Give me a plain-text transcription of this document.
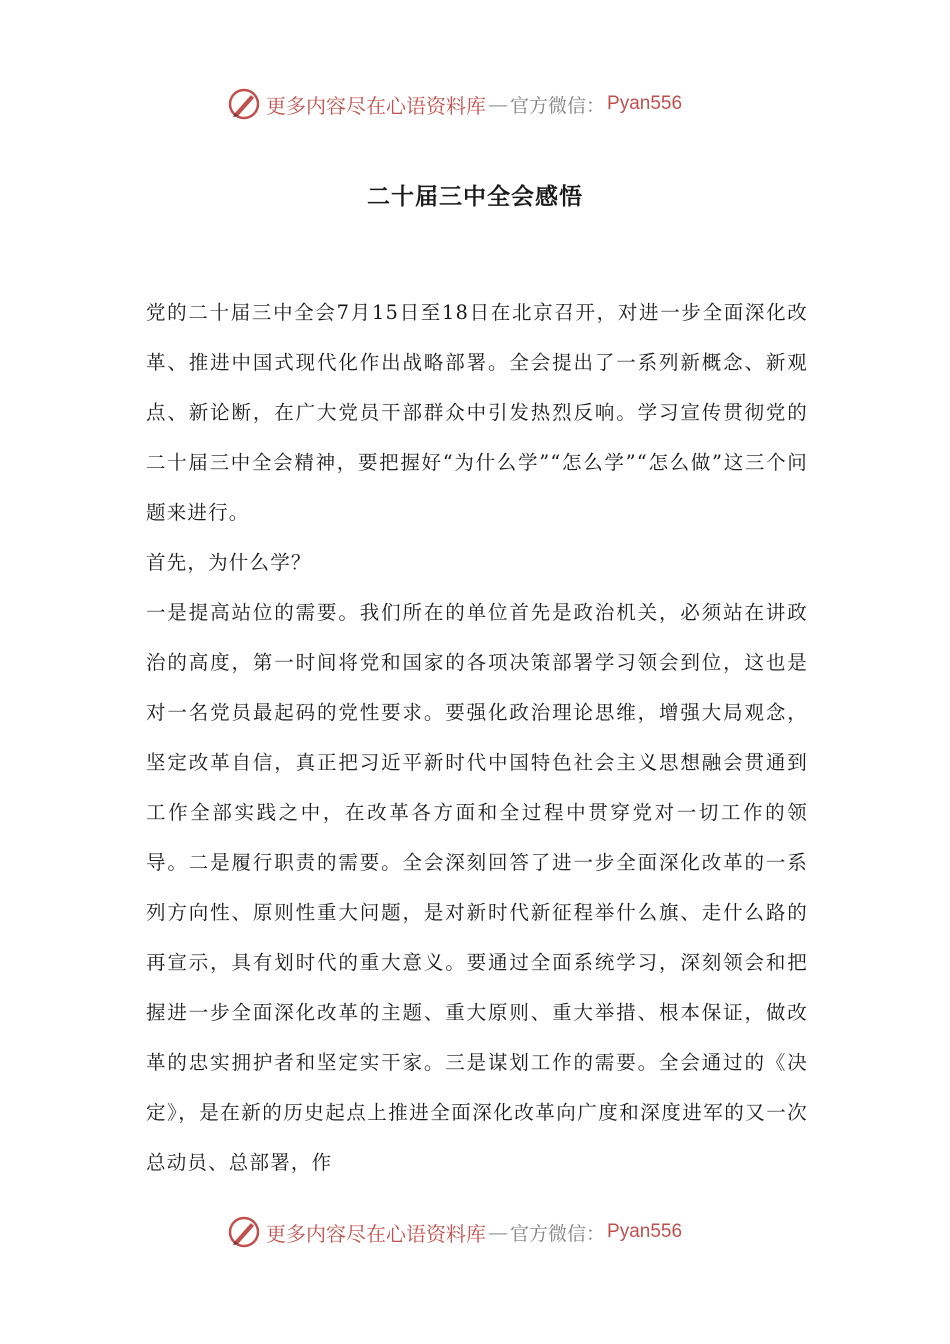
更多内容尽在心语资料库 — 官方微信： Pyan556
二十届三中全会感悟

党的二十届三中全会7月15日至18日在北京召开，对进一步全面深化改革、推进中国式现代化作出战略部署。全会提出了一系列新概念、新观点、新论断，在广大党员干部群众中引发热烈反响。学习宣传贯彻党的二十届三中全会精神，要把握好“为什么学”“怎么学”“怎么做”这三个问题来进行。

首先，为什么学？

一是提高站位的需要。我们所在的单位首先是政治机关，必须站在讲政治的高度，第一时间将党和国家的各项决策部署学习领会到位，这也是对一名党员最起码的党性要求。要强化政治理论思维，增强大局观念，坚定改革自信，真正把习近平新时代中国特色社会主义思想融会贯通到工作全部实践之中，在改革各方面和全过程中贯穿党对一切工作的领导。二是履行职责的需要。全会深刻回答了进一步全面深化改革的一系列方向性、原则性重大问题，是对新时代新征程举什么旗、走什么路的再宣示，具有划时代的重大意义。要通过全面系统学习，深刻领会和把握进一步全面深化改革的主题、重大原则、重大举措、根本保证，做改革的忠实拥护者和坚定实干家。三是谋划工作的需要。全会通过的《决定》，是在新的历史起点上推进全面深化改革向广度和深度进军的又一次总动员、总部署，作

更多内容尽在心语资料库 — 官方微信： Pyan556
